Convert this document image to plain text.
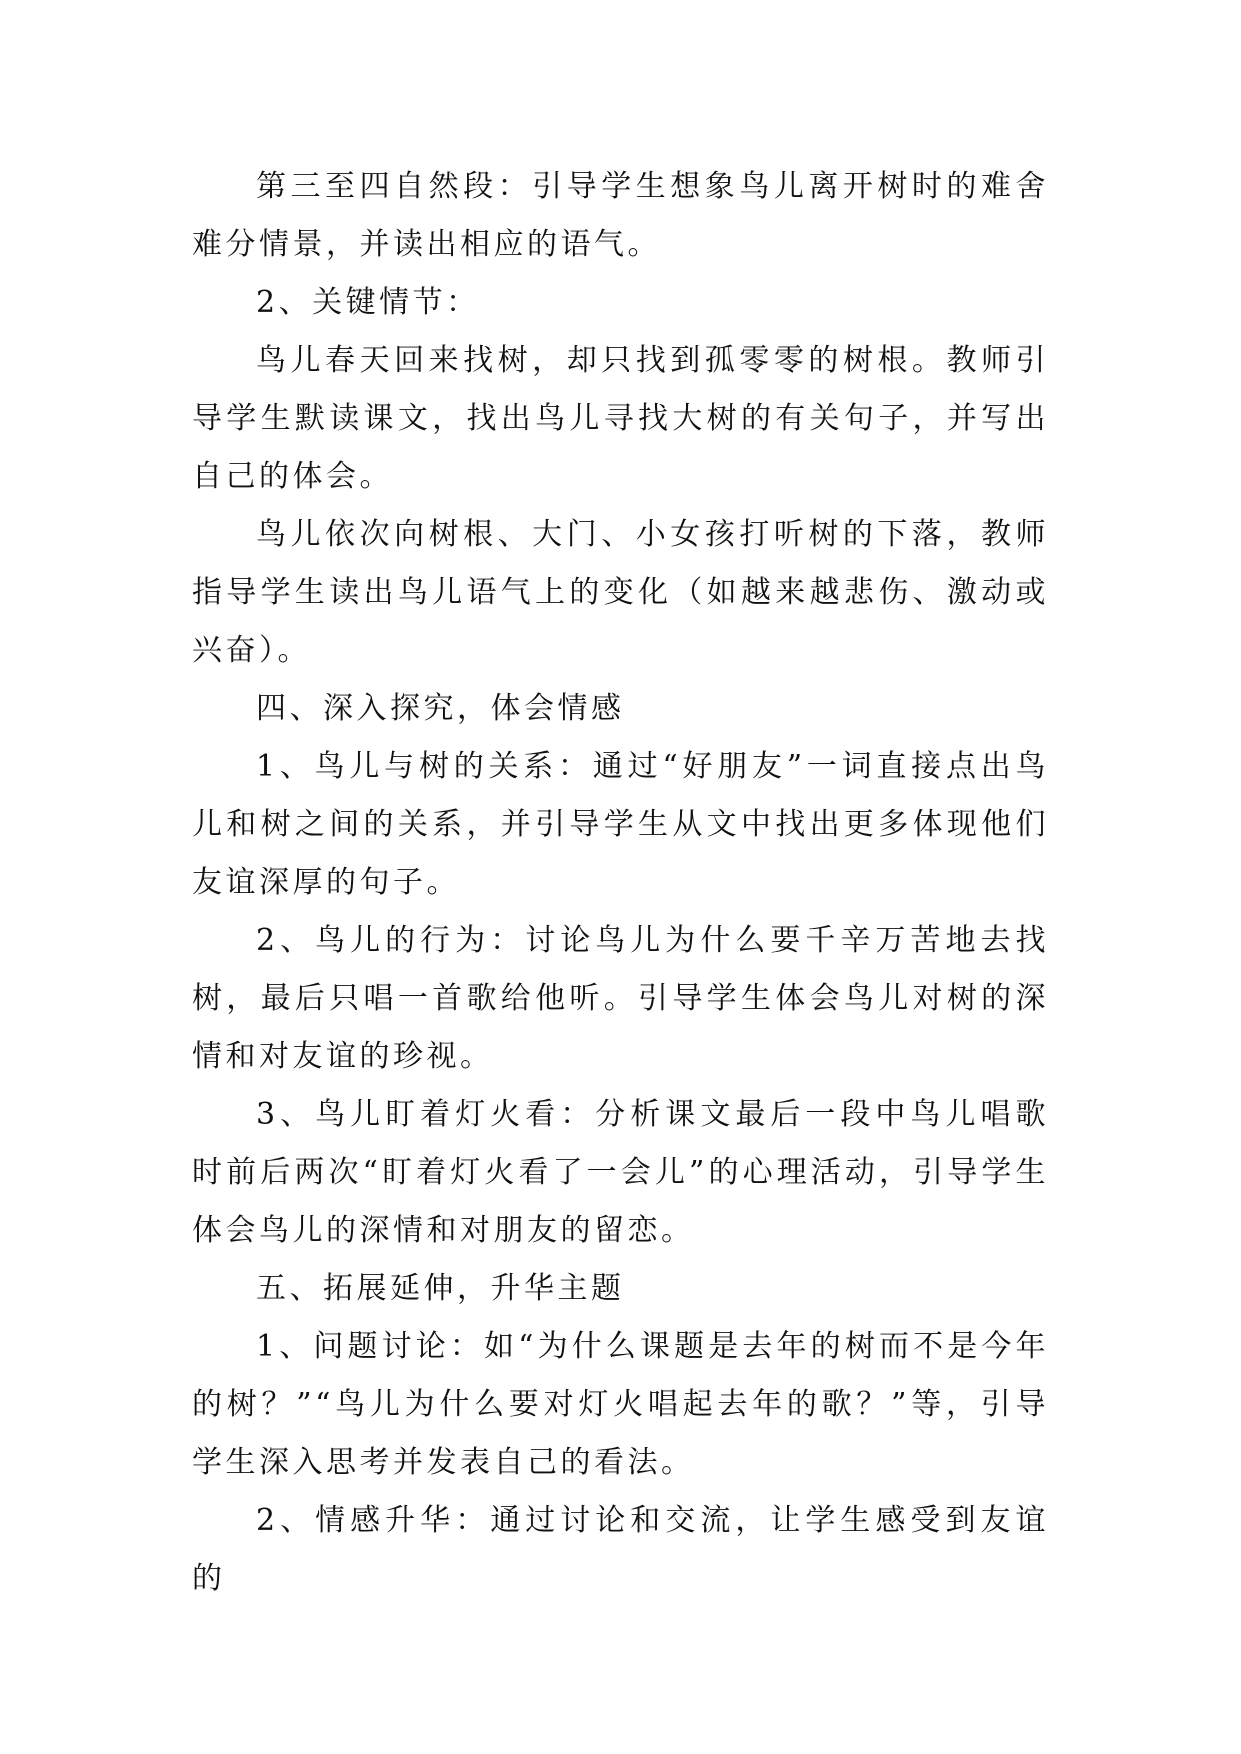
第三至四自然段：引导学生想象鸟儿离开树时的难舍难分情景，并读出相应的语气。

2、关键情节：

鸟儿春天回来找树，却只找到孤零零的树根。教师引导学生默读课文，找出鸟儿寻找大树的有关句子，并写出自己的体会。

鸟儿依次向树根、大门、小女孩打听树的下落，教师指导学生读出鸟儿语气上的变化（如越来越悲伤、激动或兴奋）。

四、深入探究，体会情感

1、鸟儿与树的关系：通过“好朋友”一词直接点出鸟儿和树之间的关系，并引导学生从文中找出更多体现他们友谊深厚的句子。

2、鸟儿的行为：讨论鸟儿为什么要千辛万苦地去找树，最后只唱一首歌给他听。引导学生体会鸟儿对树的深情和对友谊的珍视。

3、鸟儿盯着灯火看：分析课文最后一段中鸟儿唱歌时前后两次“盯着灯火看了一会儿”的心理活动，引导学生体会鸟儿的深情和对朋友的留恋。

五、拓展延伸，升华主题

1、问题讨论：如“为什么课题是去年的树而不是今年的树？”“鸟儿为什么要对灯火唱起去年的歌？”等，引导学生深入思考并发表自己的看法。

2、情感升华：通过讨论和交流，让学生感受到友谊的
